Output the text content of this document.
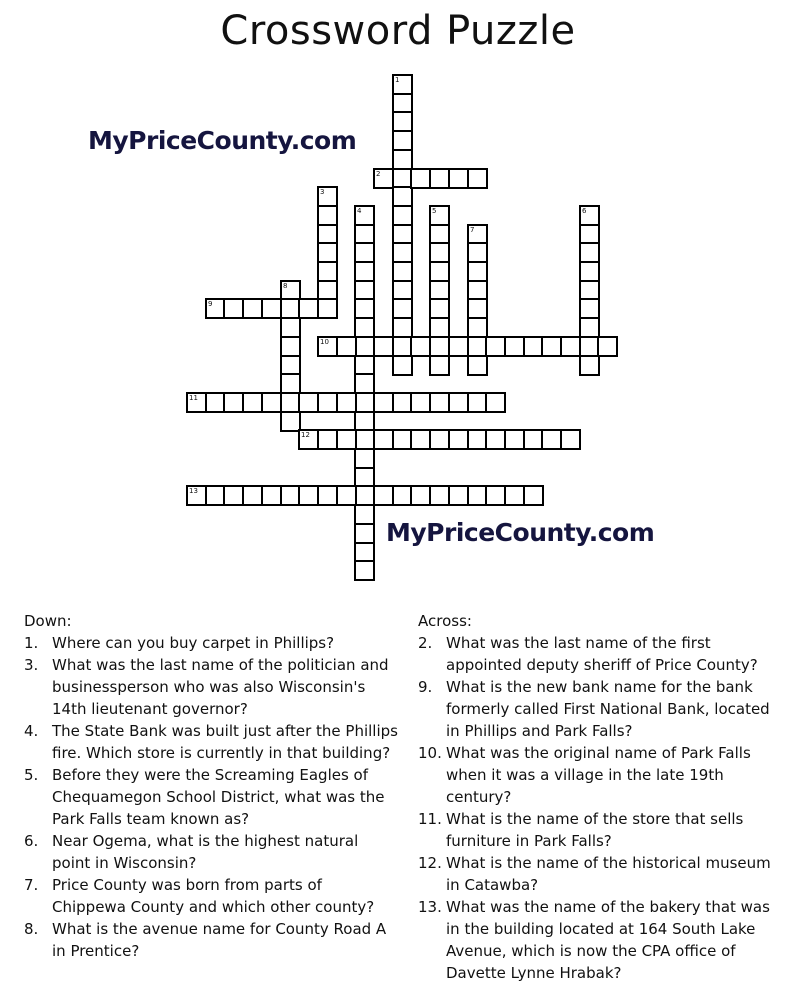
Crossword Puzzle
MyPriceCounty.com
MyPriceCounty.com
1
2
3
4	5	6
7
8
9
10
11
12
13
Down:
1. Where can you buy carpet in Phillips?
3. What was the last name of the politician and businessperson who was also Wisconsin's 14th lieutenant governor?
4. The State Bank was built just after the Phillips fire. Which store is currently in that building?
5. Before they were the Screaming Eagles of Chequamegon School District, what was the Park Falls team known as?
6. Near Ogema, what is the highest natural point in Wisconsin?
7. Price County was born from parts of Chippewa County and which other county?
8. What is the avenue name for County Road A in Prentice?
Across:
2. What was the last name of the first appointed deputy sheriff of Price County?
9. What is the new bank name for the bank formerly called First National Bank, located in Phillips and Park Falls?
10. What was the original name of Park Falls when it was a village in the late 19th century?
11. What is the name of the store that sells furniture in Park Falls?
12. What is the name of the historical museum in Catawba?
13. What was the name of the bakery that was in the building located at 164 South Lake Avenue, which is now the CPA office of Davette Lynne Hrabak?
